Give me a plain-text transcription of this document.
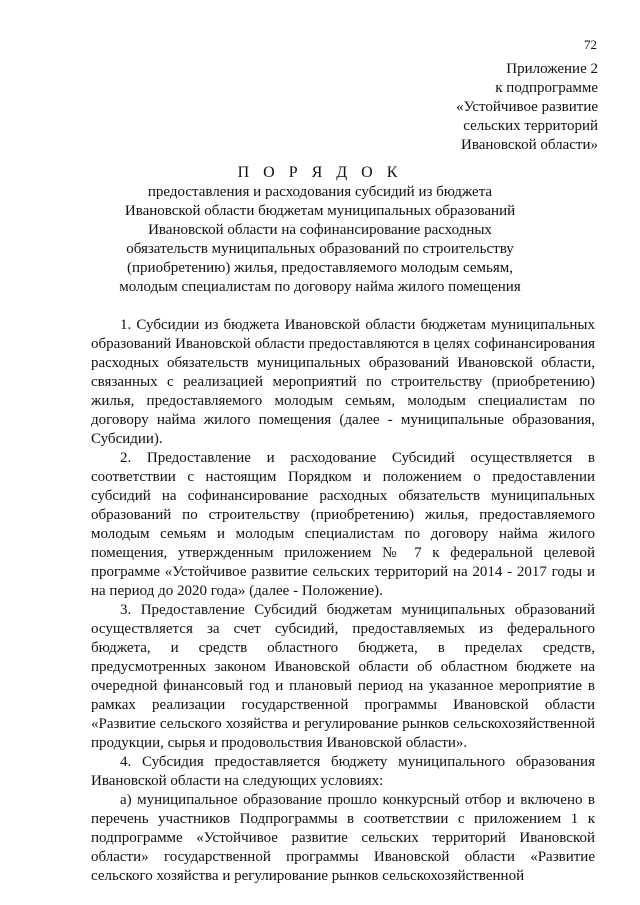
72
Приложение 2
к подпрограмме
«Устойчивое развитие
сельских территорий
Ивановской области»
П О Р Я Д О К
предоставления и расходования субсидий из бюджета
Ивановской области бюджетам муниципальных образований
Ивановской области на софинансирование расходных
обязательств муниципальных образований по строительству
(приобретению) жилья, предоставляемого молодым семьям,
молодым специалистам по договору найма жилого помещения

1. Субсидии из бюджета Ивановской области бюджетам муниципальных образований Ивановской области предоставляются в целях софинансирования расходных обязательств муниципальных образований Ивановской области, связанных с реализацией мероприятий по строительству (приобретению) жилья, предоставляемого молодым семьям, молодым специалистам по договору найма жилого помещения (далее - муниципальные образования, Субсидии).

2. Предоставление и расходование Субсидий осуществляется в соответствии с настоящим Порядком и положением о предоставлении субсидий на софинансирование расходных обязательств муниципальных образований по строительству (приобретению) жилья, предоставляемого молодым семьям и молодым специалистам по договору найма жилого помещения, утвержденным приложением № 7 к федеральной целевой программе «Устойчивое развитие сельских территорий на 2014 - 2017 годы и на период до 2020 года» (далее - Положение).

3. Предоставление Субсидий бюджетам муниципальных образований осуществляется за счет субсидий, предоставляемых из федерального бюджета, и средств областного бюджета, в пределах средств, предусмотренных законом Ивановской области об областном бюджете на очередной финансовый год и плановый период на указанное мероприятие в рамках реализации государственной программы Ивановской области «Развитие сельского хозяйства и регулирование рынков сельскохозяйственной продукции, сырья и продовольствия Ивановской области».

4. Субсидия предоставляется бюджету муниципального образования Ивановской области на следующих условиях:

а) муниципальное образование прошло конкурсный отбор и включено в перечень участников Подпрограммы в соответствии с приложением 1 к подпрограмме «Устойчивое развитие сельских территорий Ивановской области» государственной программы Ивановской области «Развитие сельского хозяйства и регулирование рынков сельскохозяйственной
